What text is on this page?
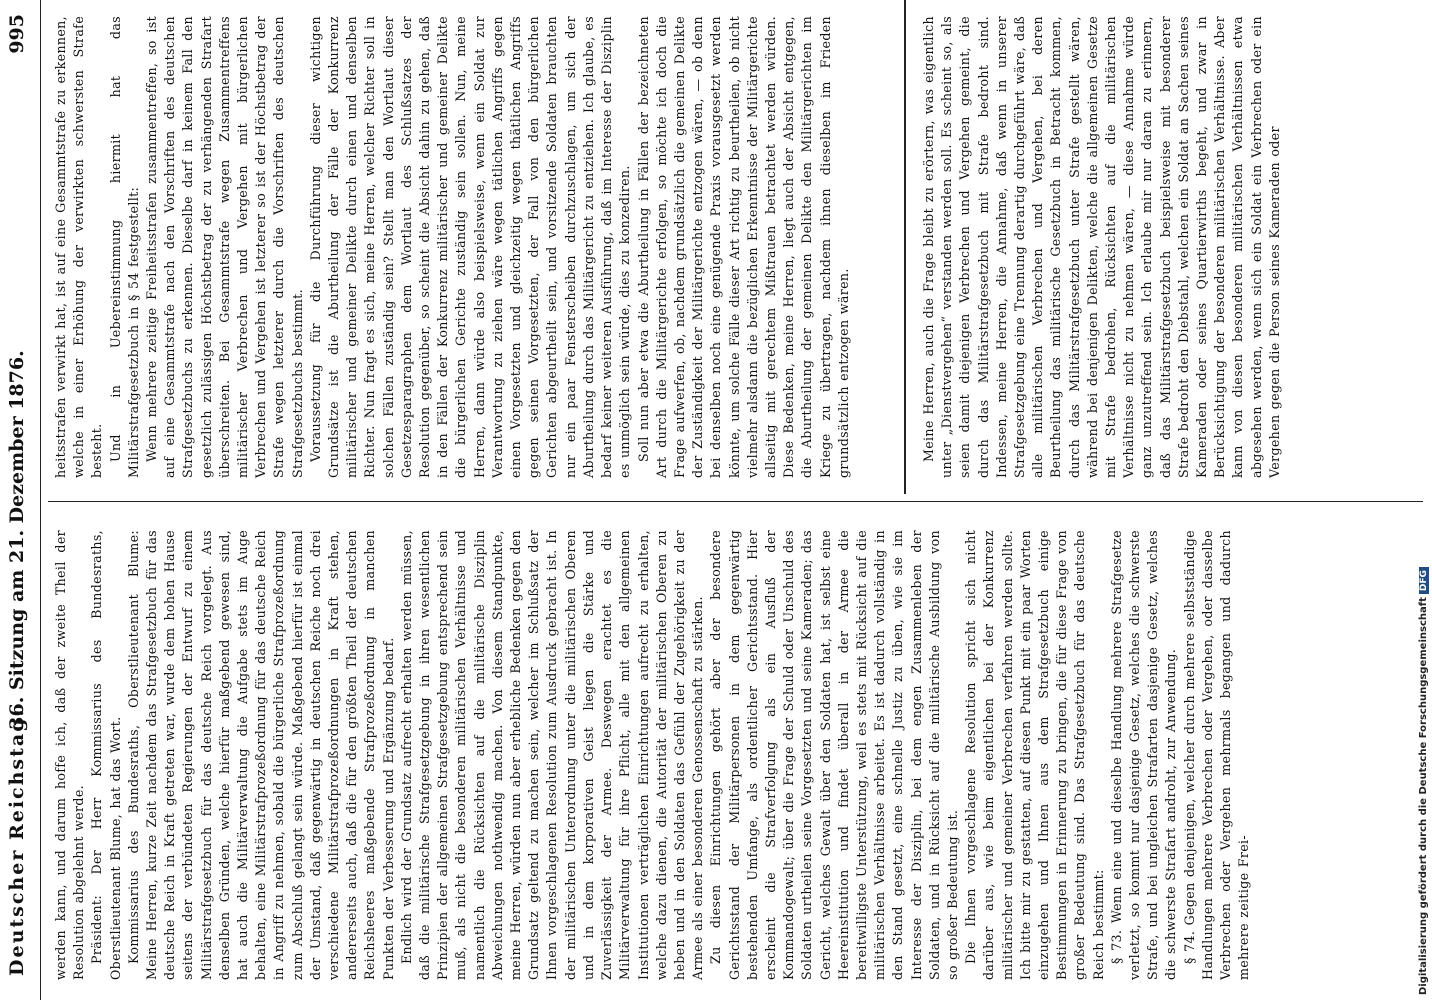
Deutscher Reichstag.
36. Sitzung am 21. Dezember 1876.
995

werden kann, und darum hoffe ich, daß der zweite Theil der Resolution abgelehnt werde. Präsident: Der Herr Kommissarius des Bundesraths, Oberstlieutenant Blume, hat das Wort. Kommissarius des Bundesraths, Oberstlieutenant Blume: Meine Herren, kurze Zeit nachdem das Strafgesetzbuch für das deutsche Reich in Kraft getreten war, wurde dem hohen Hause seitens der verbündeten Regierungen der Entwurf zu einem Militärstrafgesetzbuch für das deutsche Reich vorgelegt. Aus denselben Gründen, welche hierfür maßgebend gewesen sind, hat auch die Militärverwaltung die Aufgabe stets im Auge behalten, eine Militärstrafprozeßordnung für das deutsche Reich in Angriff zu nehmen, sobald die bürgerliche Strafprozeßordnung zum Abschluß gelangt sein würde. Maßgebend hierfür ist einmal der Umstand, daß gegenwärtig in deutschen Reiche noch drei verschiedene Militärstrafprozeßordnungen in Kraft stehen, andererseits auch, daß die für den größten Theil der deutschen Reichsheeres maßgebende Strafprozeßordnung in manchen Punkten der Verbesserung und Ergänzung bedarf. Endlich wird der Grundsatz aufrecht erhalten werden müssen, daß die militärische Strafgesetzgebung in ihren wesentlichen Prinzipien der allgemeinen Strafgesetzgebung entsprechend sein muß, als nicht die besonderen militärischen Verhältnisse und namentlich die Rücksichten auf die militärische Disziplin Abweichungen nothwendig machen. Von diesem Standpunkte, meine Herren, würden nun aber erhebliche Bedenken gegen den Grundsatz geltend zu machen sein, welcher im Schlußsatz der Ihnen vorgeschlagenen Resolution zum Ausdruck gebracht ist. In der militärischen Unterordnung unter die militärischen Oberen und in dem korporativen Geist liegen die Stärke und Zuverlässigkeit der Armee. Deswegen erachtet es die Militärverwaltung für ihre Pflicht, alle mit den allgemeinen Institutionen verträglichen Einrichtungen aufrecht zu erhalten, welche dazu dienen, die Autorität der militärischen Oberen zu heben und in den Soldaten das Gefühl der Zugehörigkeit zu der Armee als einer besonderen Genossenschaft zu stärken. Zu diesen Einrichtungen gehört aber der besondere Gerichtsstand der Militärpersonen in dem gegenwärtig bestehenden Umfange, als ordentlicher Gerichtsstand. Hier erscheint die Strafverfolgung als ein Ausfluß der Kommandogewalt; über die Frage der Schuld oder Unschuld des Soldaten urtheilen seine Vorgesetzten und seine Kameraden; das Gericht, welches Gewalt über den Soldaten hat, ist selbst eine Heereinstitution und findet überall in der Armee die bereitwilligste Unterstützung, weil es stets mit Rücksicht auf die militärischen Verhältnisse arbeitet. Es ist dadurch vollständig in den Stand gesetzt, eine schnelle Justiz zu üben, wie sie im Interesse der Disziplin, bei dem engen Zusammenleben der Soldaten, und in Rücksicht auf die militärische Ausbildung von so großer Bedeutung ist. Die Ihnen vorgeschlagene Resolution spricht sich nicht darüber aus, wie beim eigentlichen bei der Konkurrenz militärischer und gemeiner Verbrechen verfahren werden sollte. Ich bitte mir zu gestatten, auf diesen Punkt mit ein paar Worten einzugehen und Ihnen aus dem Strafgesetzbuch einige Bestimmungen in Erinnerung zu bringen, die für diese Frage von großer Bedeutung sind. Das Strafgesetzbuch für das deutsche Reich bestimmt: § 73. Wenn eine und dieselbe Handlung mehrere Strafgesetze verletzt, so kommt nur dasjenige Gesetz, welches die schwerste Strafe, und bei ungleichen Strafarten dasjenige Gesetz, welches die schwerste Strafart androht, zur Anwendung. § 74. Gegen denjenigen, welcher durch mehrere selbstständige Handlungen mehrere Verbrechen oder Vergehen, oder dasselbe Verbrechen oder Vergehen mehrmals begangen und dadurch mehrere zeitige Frei-

heitsstrafen verwirkt hat, ist auf eine Gesammtstrafe zu erkennen, welche in einer Erhöhung der verwirkten schwersten Strafe besteht. Und in Uebereinstimmung hiermit hat das Militärstrafgesetzbuch in § 54 festgestellt: Wenn mehrere zeitige Freiheitsstrafen zusammentreffen, so ist auf eine Gesammtstrafe nach den Vorschriften des deutschen Strafgesetzbuchs zu erkennen. Dieselbe darf in keinem Fall den gesetzlich zulässigen Höchstbetrag der zu verhängenden Strafart überschreiten. Bei Gesammtstrafe wegen Zusammentreffens militärischer Verbrechen und Vergehen mit bürgerlichen Verbrechen und Vergehen ist letzterer so ist der Höchstbetrag der Strafe wegen letzterer durch die Vorschriften des deutschen Strafgesetzbuchs bestimmt. Voraussetzung für die Durchführung dieser wichtigen Grundsätze ist die Aburtheilung der Fälle der Konkurrenz militärischer und gemeiner Delikte durch einen und denselben Richter. Nun fragt es sich, meine Herren, welcher Richter soll in solchen Fällen zuständig sein? Stellt man den Wortlaut dieser Gesetzesparagraphen dem Wortlaut des Schlußsatzes der Resolution gegenüber, so scheint die Absicht dahin zu gehen, daß in den Fällen der Konkurrenz militärischer und gemeiner Delikte die bürgerlichen Gerichte zuständig sein sollen. Nun, meine Herren, dann würde also beispielsweise, wenn ein Soldat zur Verantwortung zu ziehen wäre wegen tätlichen Angriffs gegen einen Vorgesetzten und gleichzeitig wegen thätlichen Angriffs gegen seinen Vorgesetzten, der Fall von den bürgerlichen Gerichten abgeurtheilt sein, und vorsitzende Soldaten brauchten nur ein paar Fensterscheiben durchzuschlagen, um sich der Aburtheilung durch das Militärgericht zu entziehen. Ich glaube, es bedarf keiner weiteren Ausführung, daß im Interesse der Disziplin es unmöglich sein würde, dies zu konzediren. Soll nun aber etwa die Aburtheilung in Fällen der bezeichneten Art durch die Militärgerichte erfolgen, so möchte ich doch die Frage aufwerfen, ob, nachdem grundsätzlich die gemeinen Delikte der Zuständigkeit der Militärgerichte entzogen wären, — ob denn bei denselben noch eine genügende Praxis vorausgesetzt werden könnte, um solche Fälle dieser Art richtig zu beurtheilen, ob nicht vielmehr alsdann die bezüglichen Erkenntnisse der Militärgerichte allseitig mit gerechtem Mißtrauen betrachtet werden würden. Diese Bedenken, meine Herren, liegt auch der Absicht entgegen, die Aburtheilung der gemeinen Delikte den Militärgerichten im Kriege zu übertragen, nachdem ihnen dieselben im Frieden grundsätzlich entzogen wären.	Meine Herren, auch die Frage bleibt zu erörtern, was eigentlich unter „Dienstvergehen“ verstanden werden soll. Es scheint so, als seien damit diejenigen Verbrechen und Vergehen gemeint, die durch das Militärstrafgesetzbuch mit Strafe bedroht sind. Indessen, meine Herren, die Annahme, daß wenn in unserer Strafgesetzgebung eine Trennung derartig durchgeführt wäre, daß alle militärischen Verbrechen und Vergehen, bei deren Beurtheilung das militärische Gesetzbuch in Betracht kommen, durch das Militärstrafgesetzbuch unter Strafe gestellt wären, während bei denjenigen Delikten, welche die allgemeinen Gesetze mit Strafe bedrohen, Rücksichten auf die militärischen Verhältnisse nicht zu nehmen wären, — diese Annahme würde ganz unzutreffend sein. Ich erlaube mir nur daran zu erinnern, daß das Militärstrafgesetzbuch beispielsweise mit besonderer Strafe bedroht den Diebstahl, welchen ein Soldat an Sachen seines Kameraden oder seines Quartierwirths begeht, und zwar in Berücksichtigung der besonderen militärischen Verhältnisse. Aber kann von diesen besonderen militärischen Verhältnissen etwa abgesehen werden, wenn sich ein Soldat ein Verbrechen oder ein Vergehen gegen die Person seines Kameraden oder

Digitalisierung gefördert durch die Deutsche ForschungsgemeinschaftDFG
